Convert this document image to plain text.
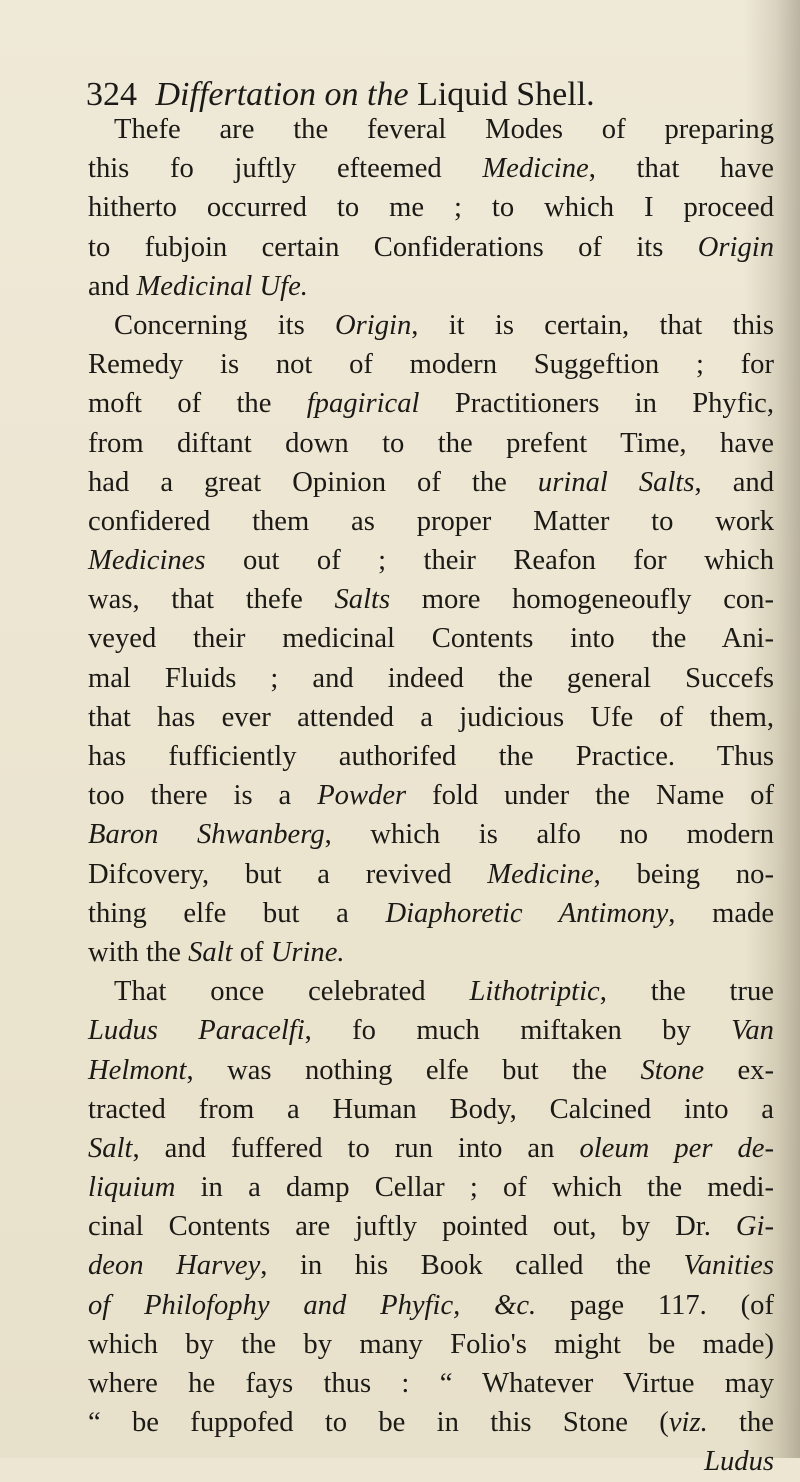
324 Differtation on the Liquid Shell.
Thefe are the feveral Modes of preparing
this fo juftly efteemed Medicine, that have
hitherto occurred to me ; to which I proceed
to fubjoin certain Confiderations of its Origin
and Medicinal Ufe.
Concerning its Origin, it is certain, that this
Remedy is not of modern Suggeftion ; for
moft of the fpagirical Practitioners in Phyfic,
from diftant down to the prefent Time, have
had a great Opinion of the urinal Salts, and
confidered them as proper Matter to work
Medicines out of ; their Reafon for which
was, that thefe Salts more homogeneoufly con-
veyed their medicinal Contents into the Ani-
mal Fluids ; and indeed the general Succefs
that has ever attended a judicious Ufe of them,
has fufficiently authorifed the Practice. Thus
too there is a Powder fold under the Name of
Baron Shwanberg, which is alfo no modern
Difcovery, but a revived Medicine, being no-
thing elfe but a Diaphoretic Antimony, made
with the Salt of Urine.
That once celebrated Lithotriptic, the true
Ludus Paracelfi, fo much miftaken by Van
Helmont, was nothing elfe but the Stone ex-
tracted from a Human Body, Calcined into a
Salt, and fuffered to run into an oleum per de-
liquium in a damp Cellar ; of which the medi-
cinal Contents are juftly pointed out, by Dr. Gi-
deon Harvey, in his Book called the Vanities
of Philofophy and Phyfic, &c. page 117. (of
which by the by many Folio's might be made)
where he fays thus : “ Whatever Virtue may
“ be fuppofed to be in this Stone (viz. the
Ludus
